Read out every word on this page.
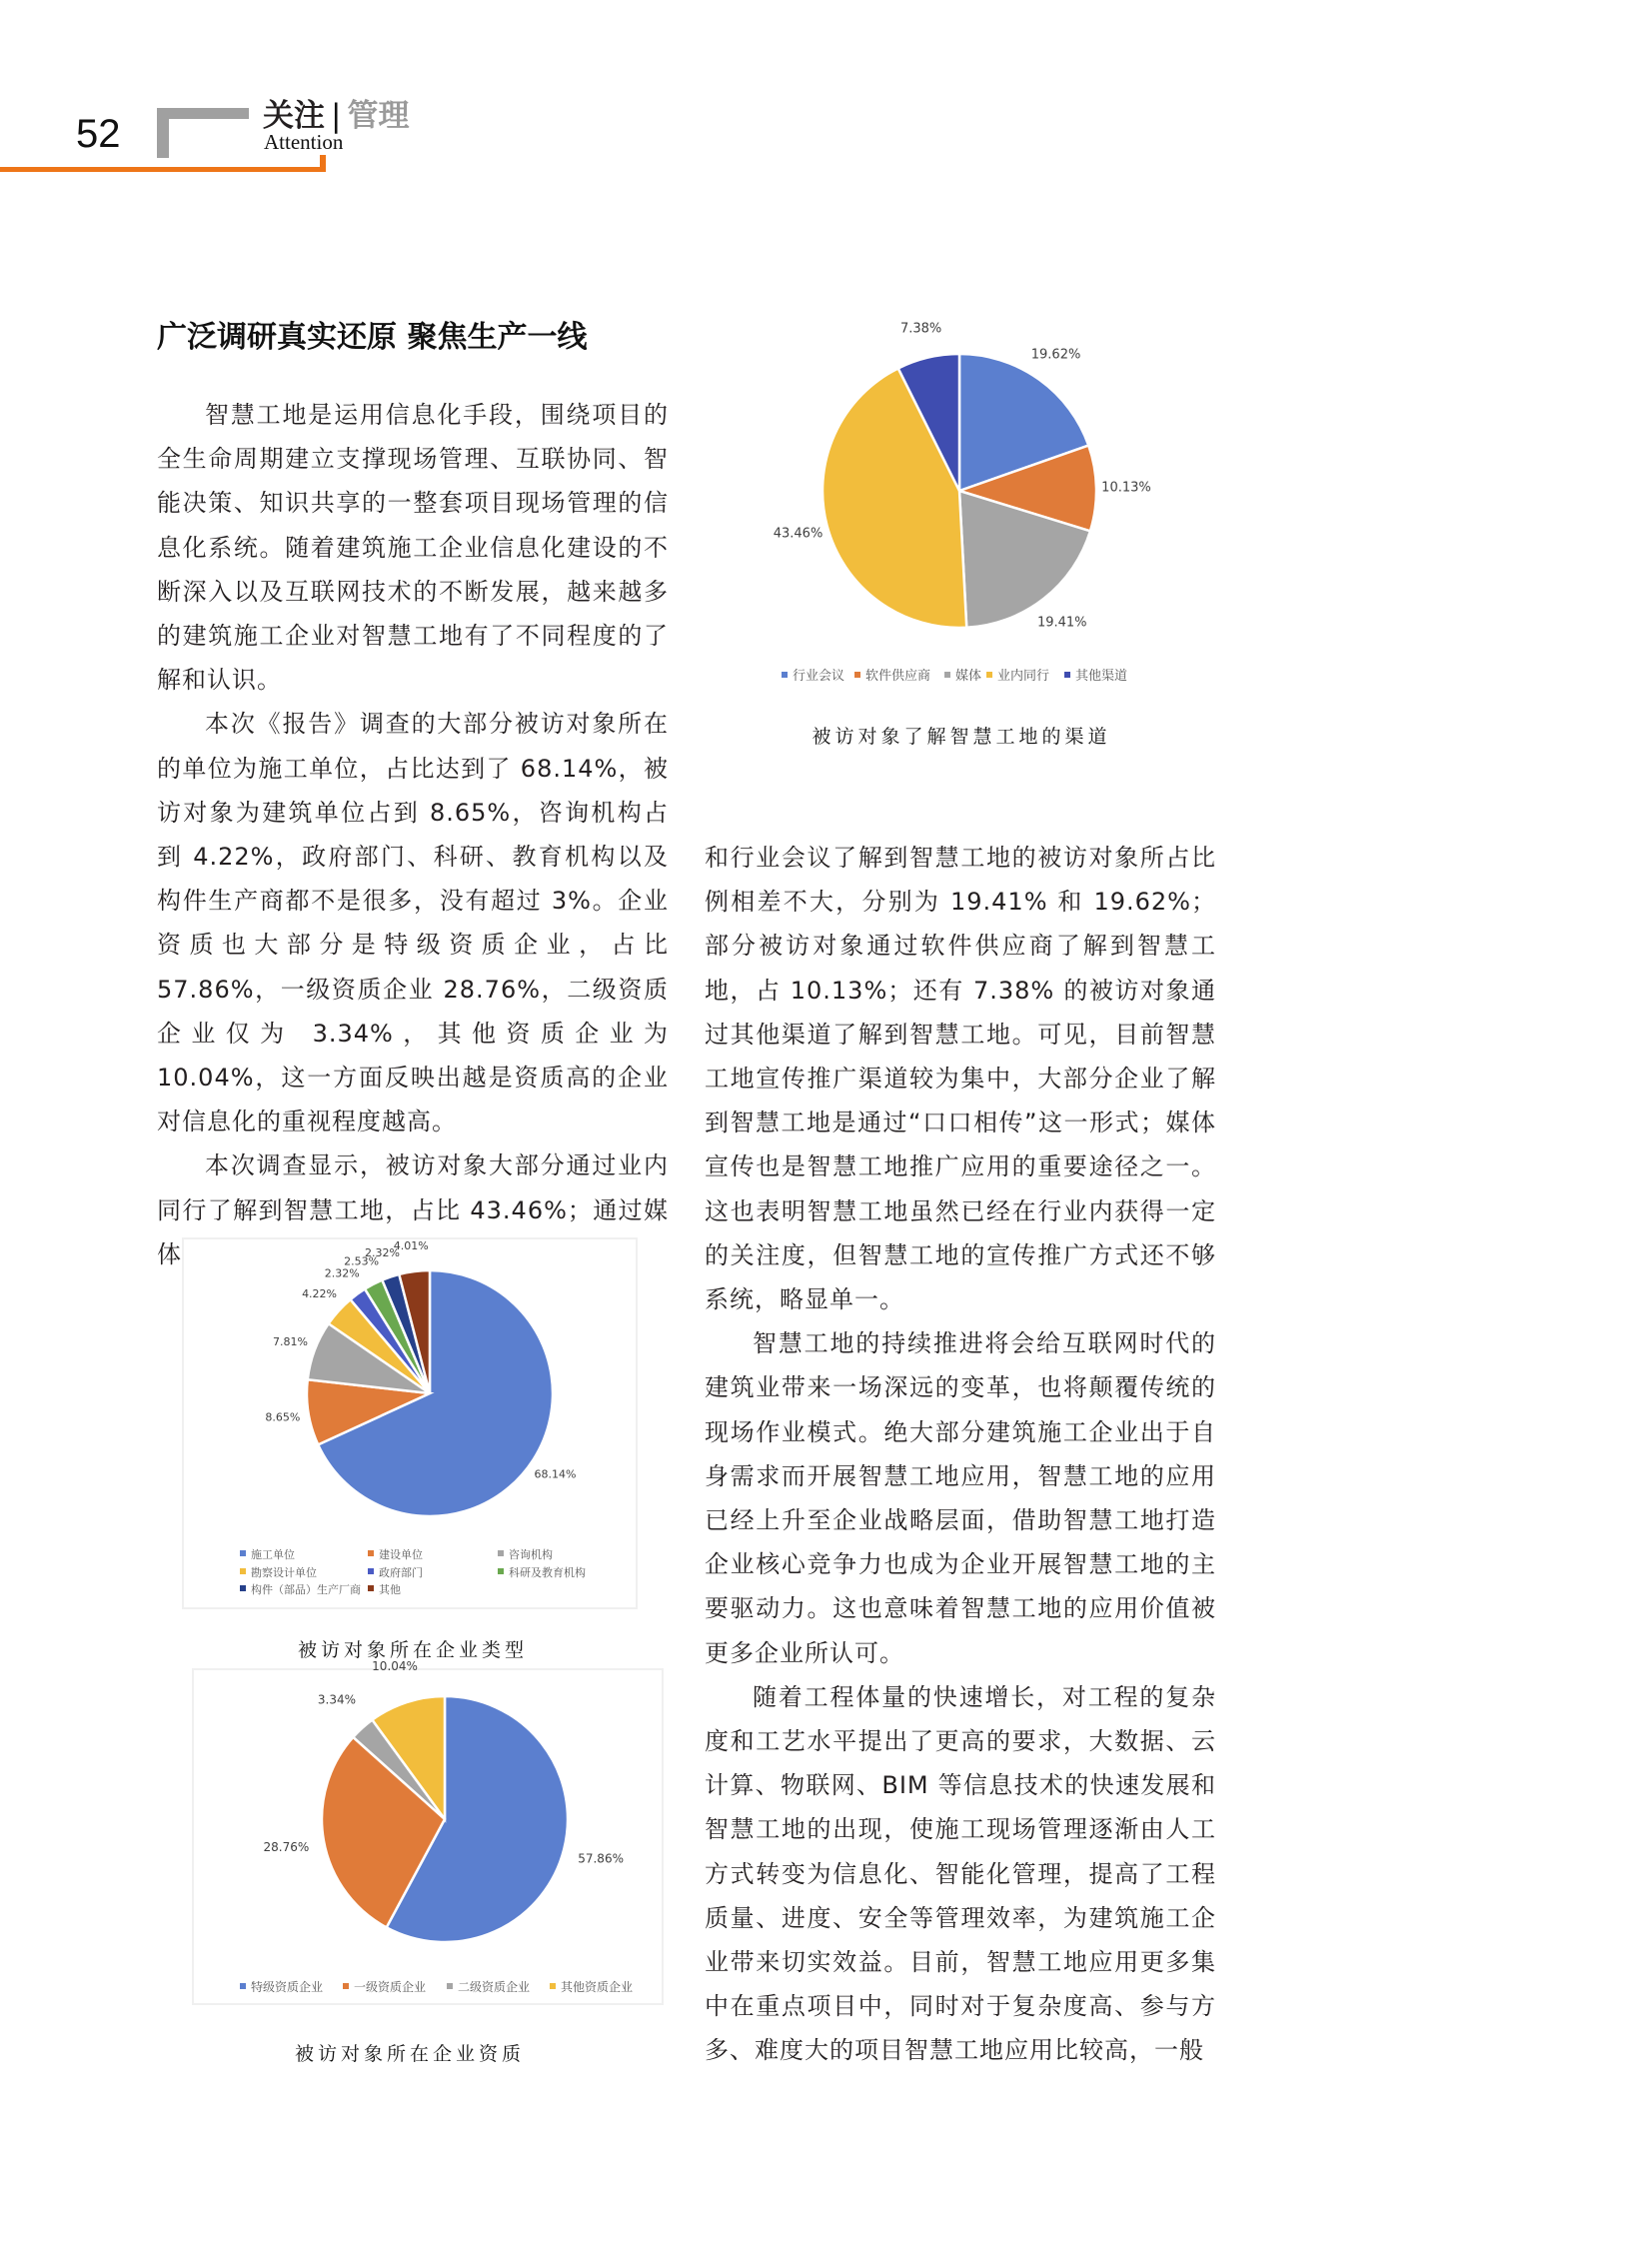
52	关注 | 管理
Attention
广泛调研真实还原 聚焦生产一线

智慧工地是运用信息化手段，围绕项目的全生命周期建立支撑现场管理、互联协同、智能决策、知识共享的一整套项目现场管理的信息化系统。随着建筑施工企业信息化建设的不断深入以及互联网技术的不断发展，越来越多的建筑施工企业对智慧工地有了不同程度的了解和认识。

本次《报告》调查的大部分被访对象所在的单位为施工单位，占比达到了 68.14%，被访对象为建筑单位占到 8.65%，咨询机构占到 4.22%，政府部门、科研、教育机构以及构件生产商都不是很多，没有超过 3%。企业资质也大部分是特级资质企业，占比 57.86%，一级资质企业 28.76%，二级资质企业仅为 3.34%，其他资质企业为 10.04%，这一方面反映出越是资质高的企业对信息化的重视程度越高。

本次调查显示，被访对象大部分通过业内同行了解到智慧工地，占比 43.46%；通过媒体

和行业会议了解到智慧工地的被访对象所占比例相差不大，分别为 19.41% 和 19.62%；部分被访对象通过软件供应商了解到智慧工地，占 10.13%；还有 7.38% 的被访对象通过其他渠道了解到智慧工地。可见，目前智慧工地宣传推广渠道较为集中，大部分企业了解到智慧工地是通过“口口相传”这一形式；媒体宣传也是智慧工地推广应用的重要途径之一。这也表明智慧工地虽然已经在行业内获得一定的关注度，但智慧工地的宣传推广方式还不够系统，略显单一。

智慧工地的持续推进将会给互联网时代的建筑业带来一场深远的变革，也将颠覆传统的现场作业模式。绝大部分建筑施工企业出于自身需求而开展智慧工地应用，智慧工地的应用已经上升至企业战略层面，借助智慧工地打造企业核心竞争力也成为企业开展智慧工地的主要驱动力。这也意味着智慧工地的应用价值被更多企业所认可。

随着工程体量的快速增长，对工程的复杂度和工艺水平提出了更高的要求，大数据、云计算、物联网、BIM 等信息技术的快速发展和智慧工地的出现，使施工现场管理逐渐由人工方式转变为信息化、智能化管理，提高了工程质量、进度、安全等管理效率，为建筑施工企业带来切实效益。目前，智慧工地应用更多集中在重点项目中，同时对于复杂度高、参与方多、难度大的项目智慧工地应用比较高，一般

19.62%
10.13%
19.41%
43.46%
7.38%
行业会议 软件供应商 媒体 业内同行 其他渠道
被访对象了解智慧工地的渠道
68.14%
8.65%
7.81%
4.22%
2.32%
2.53%
2.32%
4.01%
施工单位	建设单位	咨询机构
勘察设计单位	政府部门	科研及教育机构
构件（部品）生产厂商 其他
被访对象所在企业类型
57.86%
28.76%
3.34%
10.04%
特级资质企业	一级资质企业	二级资质企业	其他资质企业
被访对象所在企业资质
